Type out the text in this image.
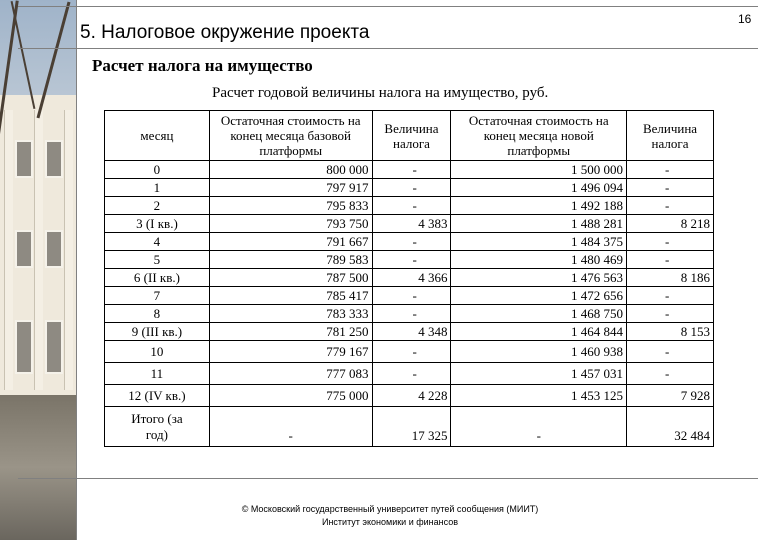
5. Налоговое окружение проекта
16
Расчет налога на имущество
Расчет годовой величины налога на имущество, руб.
месяц	Остаточная стоимость на конец месяца базовой платформы	Величина налога	Остаточная стоимость на конец месяца новой платформы	Величина налога
0	800 000	-	1 500 000	-
1	797 917	-	1 496 094	-
2	795 833	-	1 492 188	-
3 (I кв.)	793 750	4 383	1 488 281	8 218
4	791 667	-	1 484 375	-
5	789 583	-	1 480 469	-
6 (II кв.)	787 500	4 366	1 476 563	8 186
7	785 417	-	1 472 656	-
8	783 333	-	1 468 750	-
9 (III кв.)	781 250	4 348	1 464 844	8 153
10	779 167	-	1 460 938	-
11	777 083	-	1 457 031	-
12 (IV кв.)	775 000	4 228	1 453 125	7 928
Итого (за год)	-	17 325	-	32 484
© Московский государственный университет путей сообщения (МИИТ)
Институт экономики и финансов
